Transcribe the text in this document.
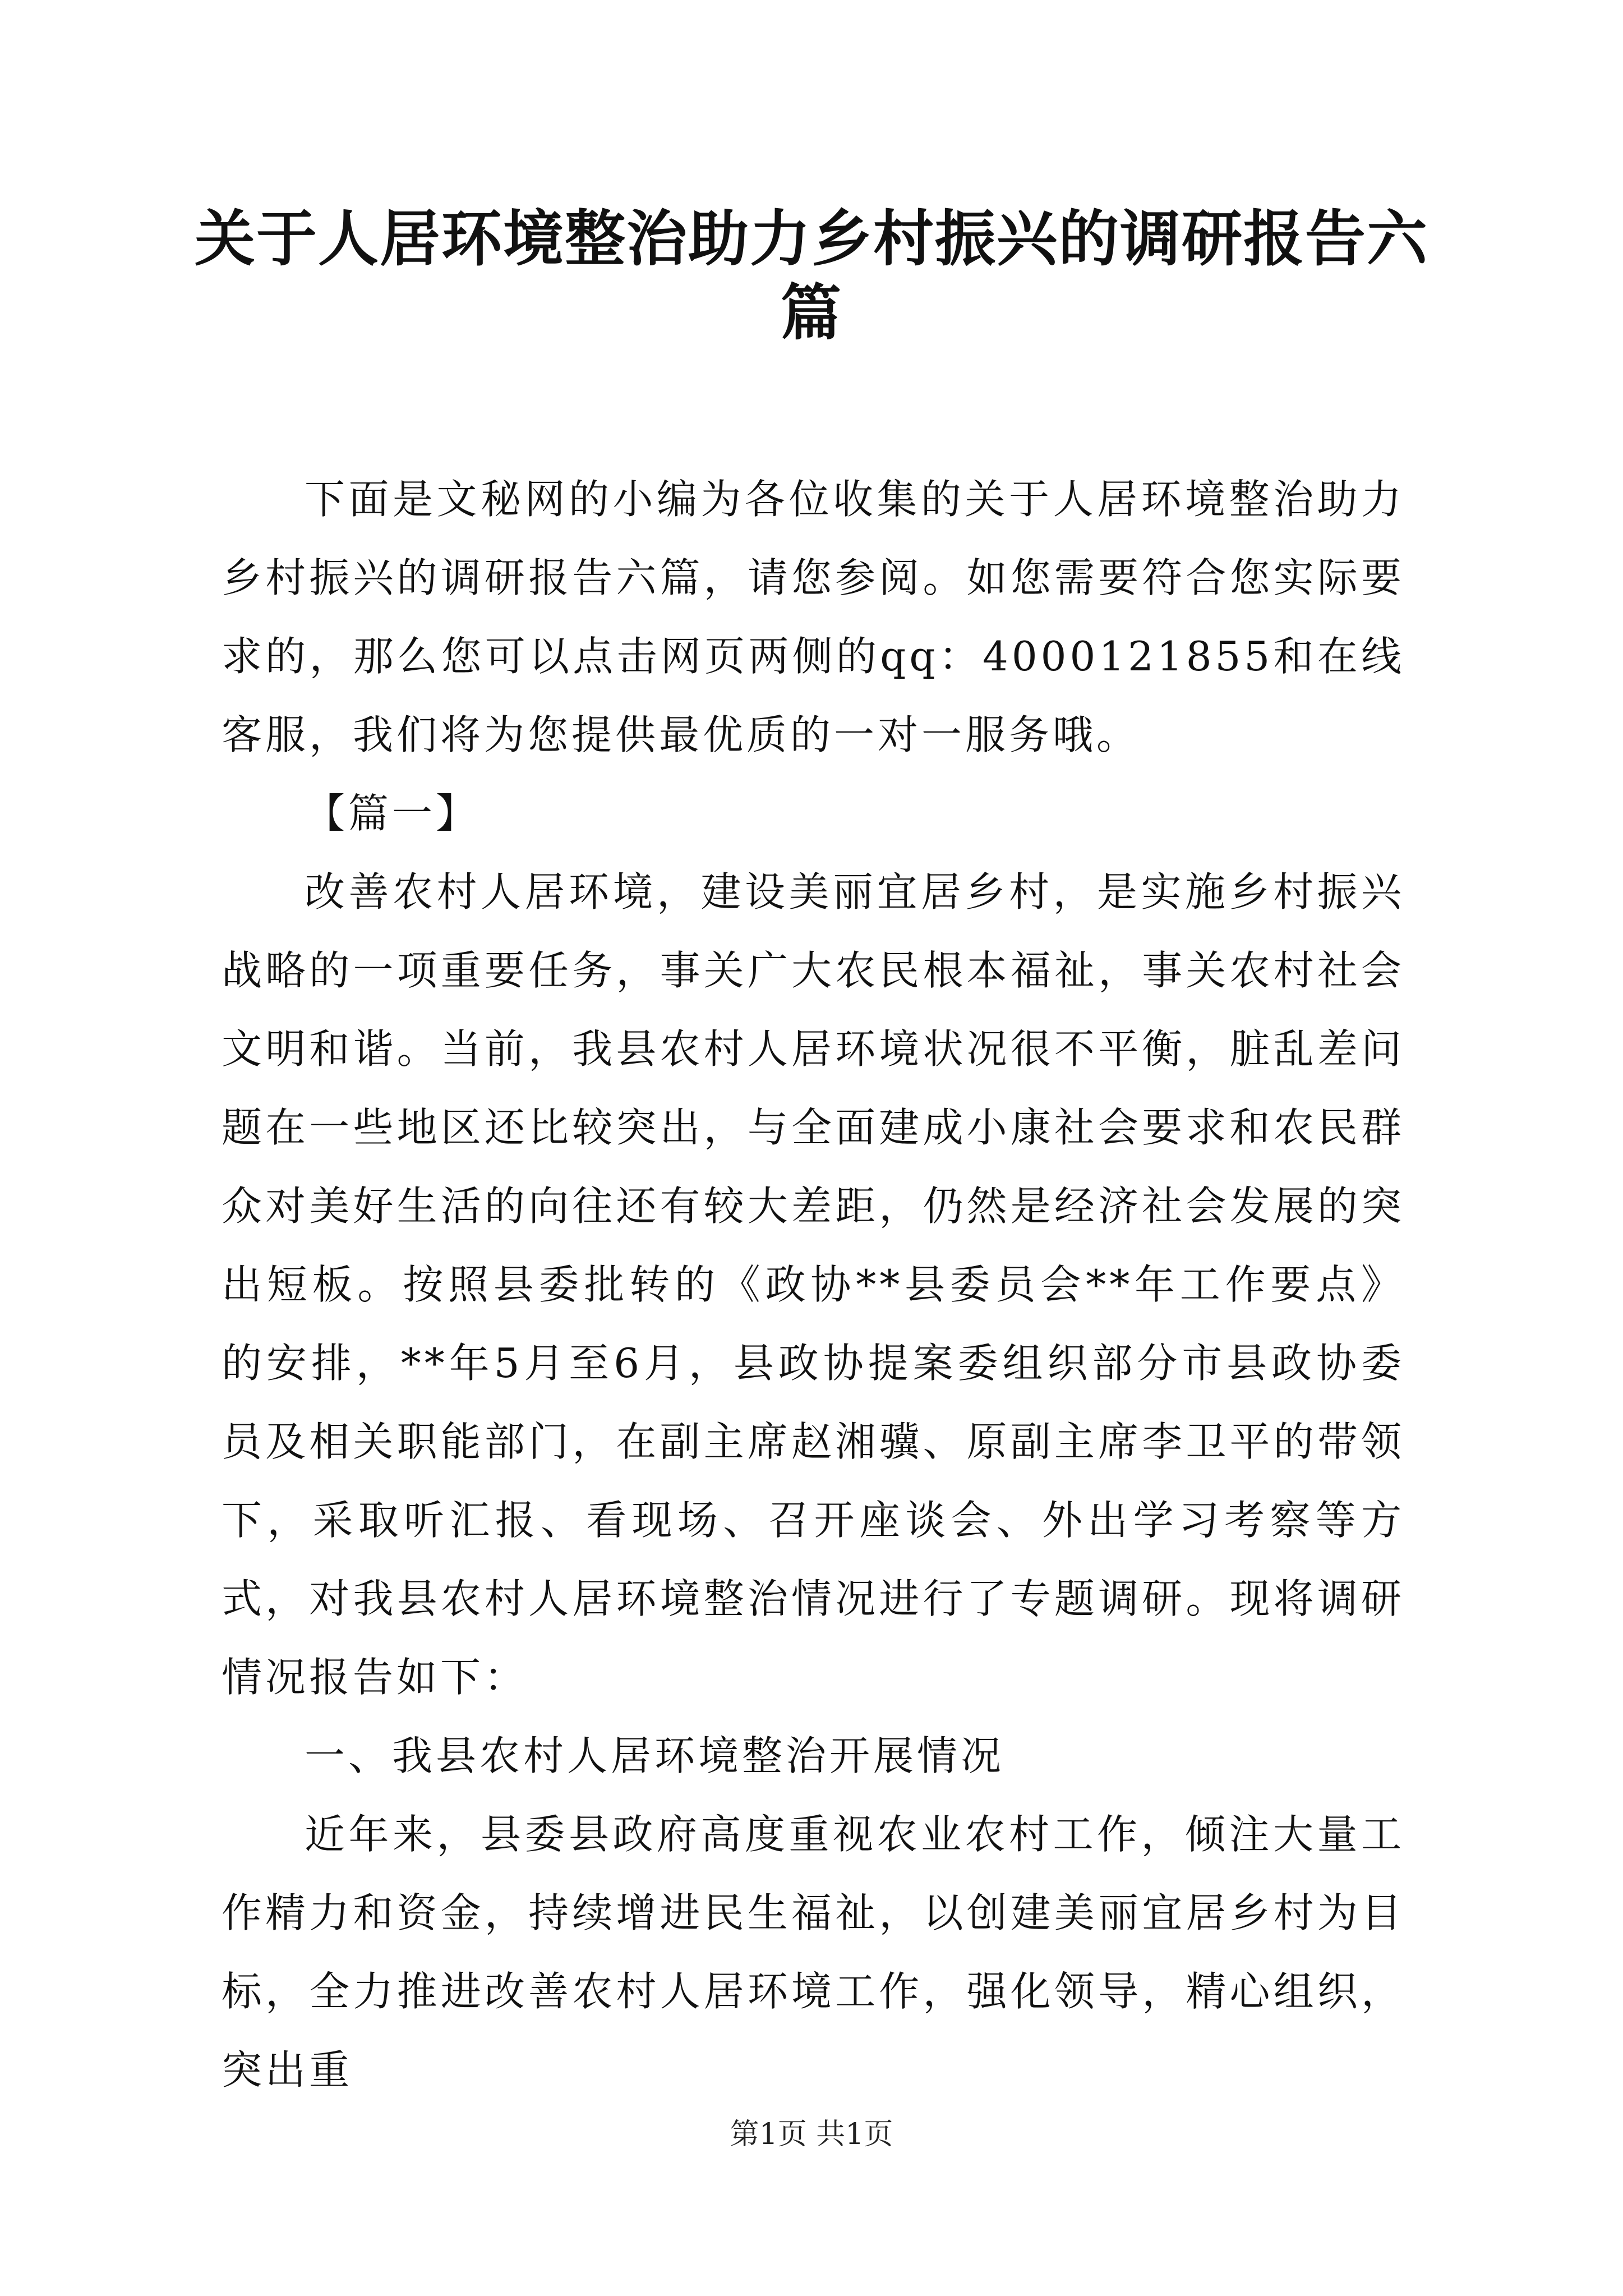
关于人居环境整治助力乡村振兴的调研报告六篇

下面是文秘网的小编为各位收集的关于人居环境整治助力乡村振兴的调研报告六篇，请您参阅。如您需要符合您实际要求的，那么您可以点击网页两侧的qq：4000121855和在线客服，我们将为您提供最优质的一对一服务哦。

【篇一】

改善农村人居环境，建设美丽宜居乡村，是实施乡村振兴战略的一项重要任务，事关广大农民根本福祉，事关农村社会文明和谐。当前，我县农村人居环境状况很不平衡，脏乱差问题在一些地区还比较突出，与全面建成小康社会要求和农民群众对美好生活的向往还有较大差距，仍然是经济社会发展的突出短板。按照县委批转的《政协**县委员会**年工作要点》的安排，**年5月至6月，县政协提案委组织部分市县政协委员及相关职能部门，在副主席赵湘骥、原副主席李卫平的带领下，采取听汇报、看现场、召开座谈会、外出学习考察等方式，对我县农村人居环境整治情况进行了专题调研。现将调研情况报告如下：

一、我县农村人居环境整治开展情况

近年来，县委县政府高度重视农业农村工作，倾注大量工作精力和资金，持续增进民生福祉，以创建美丽宜居乡村为目标，全力推进改善农村人居环境工作，强化领导，精心组织，突出重

第1页 共1页
